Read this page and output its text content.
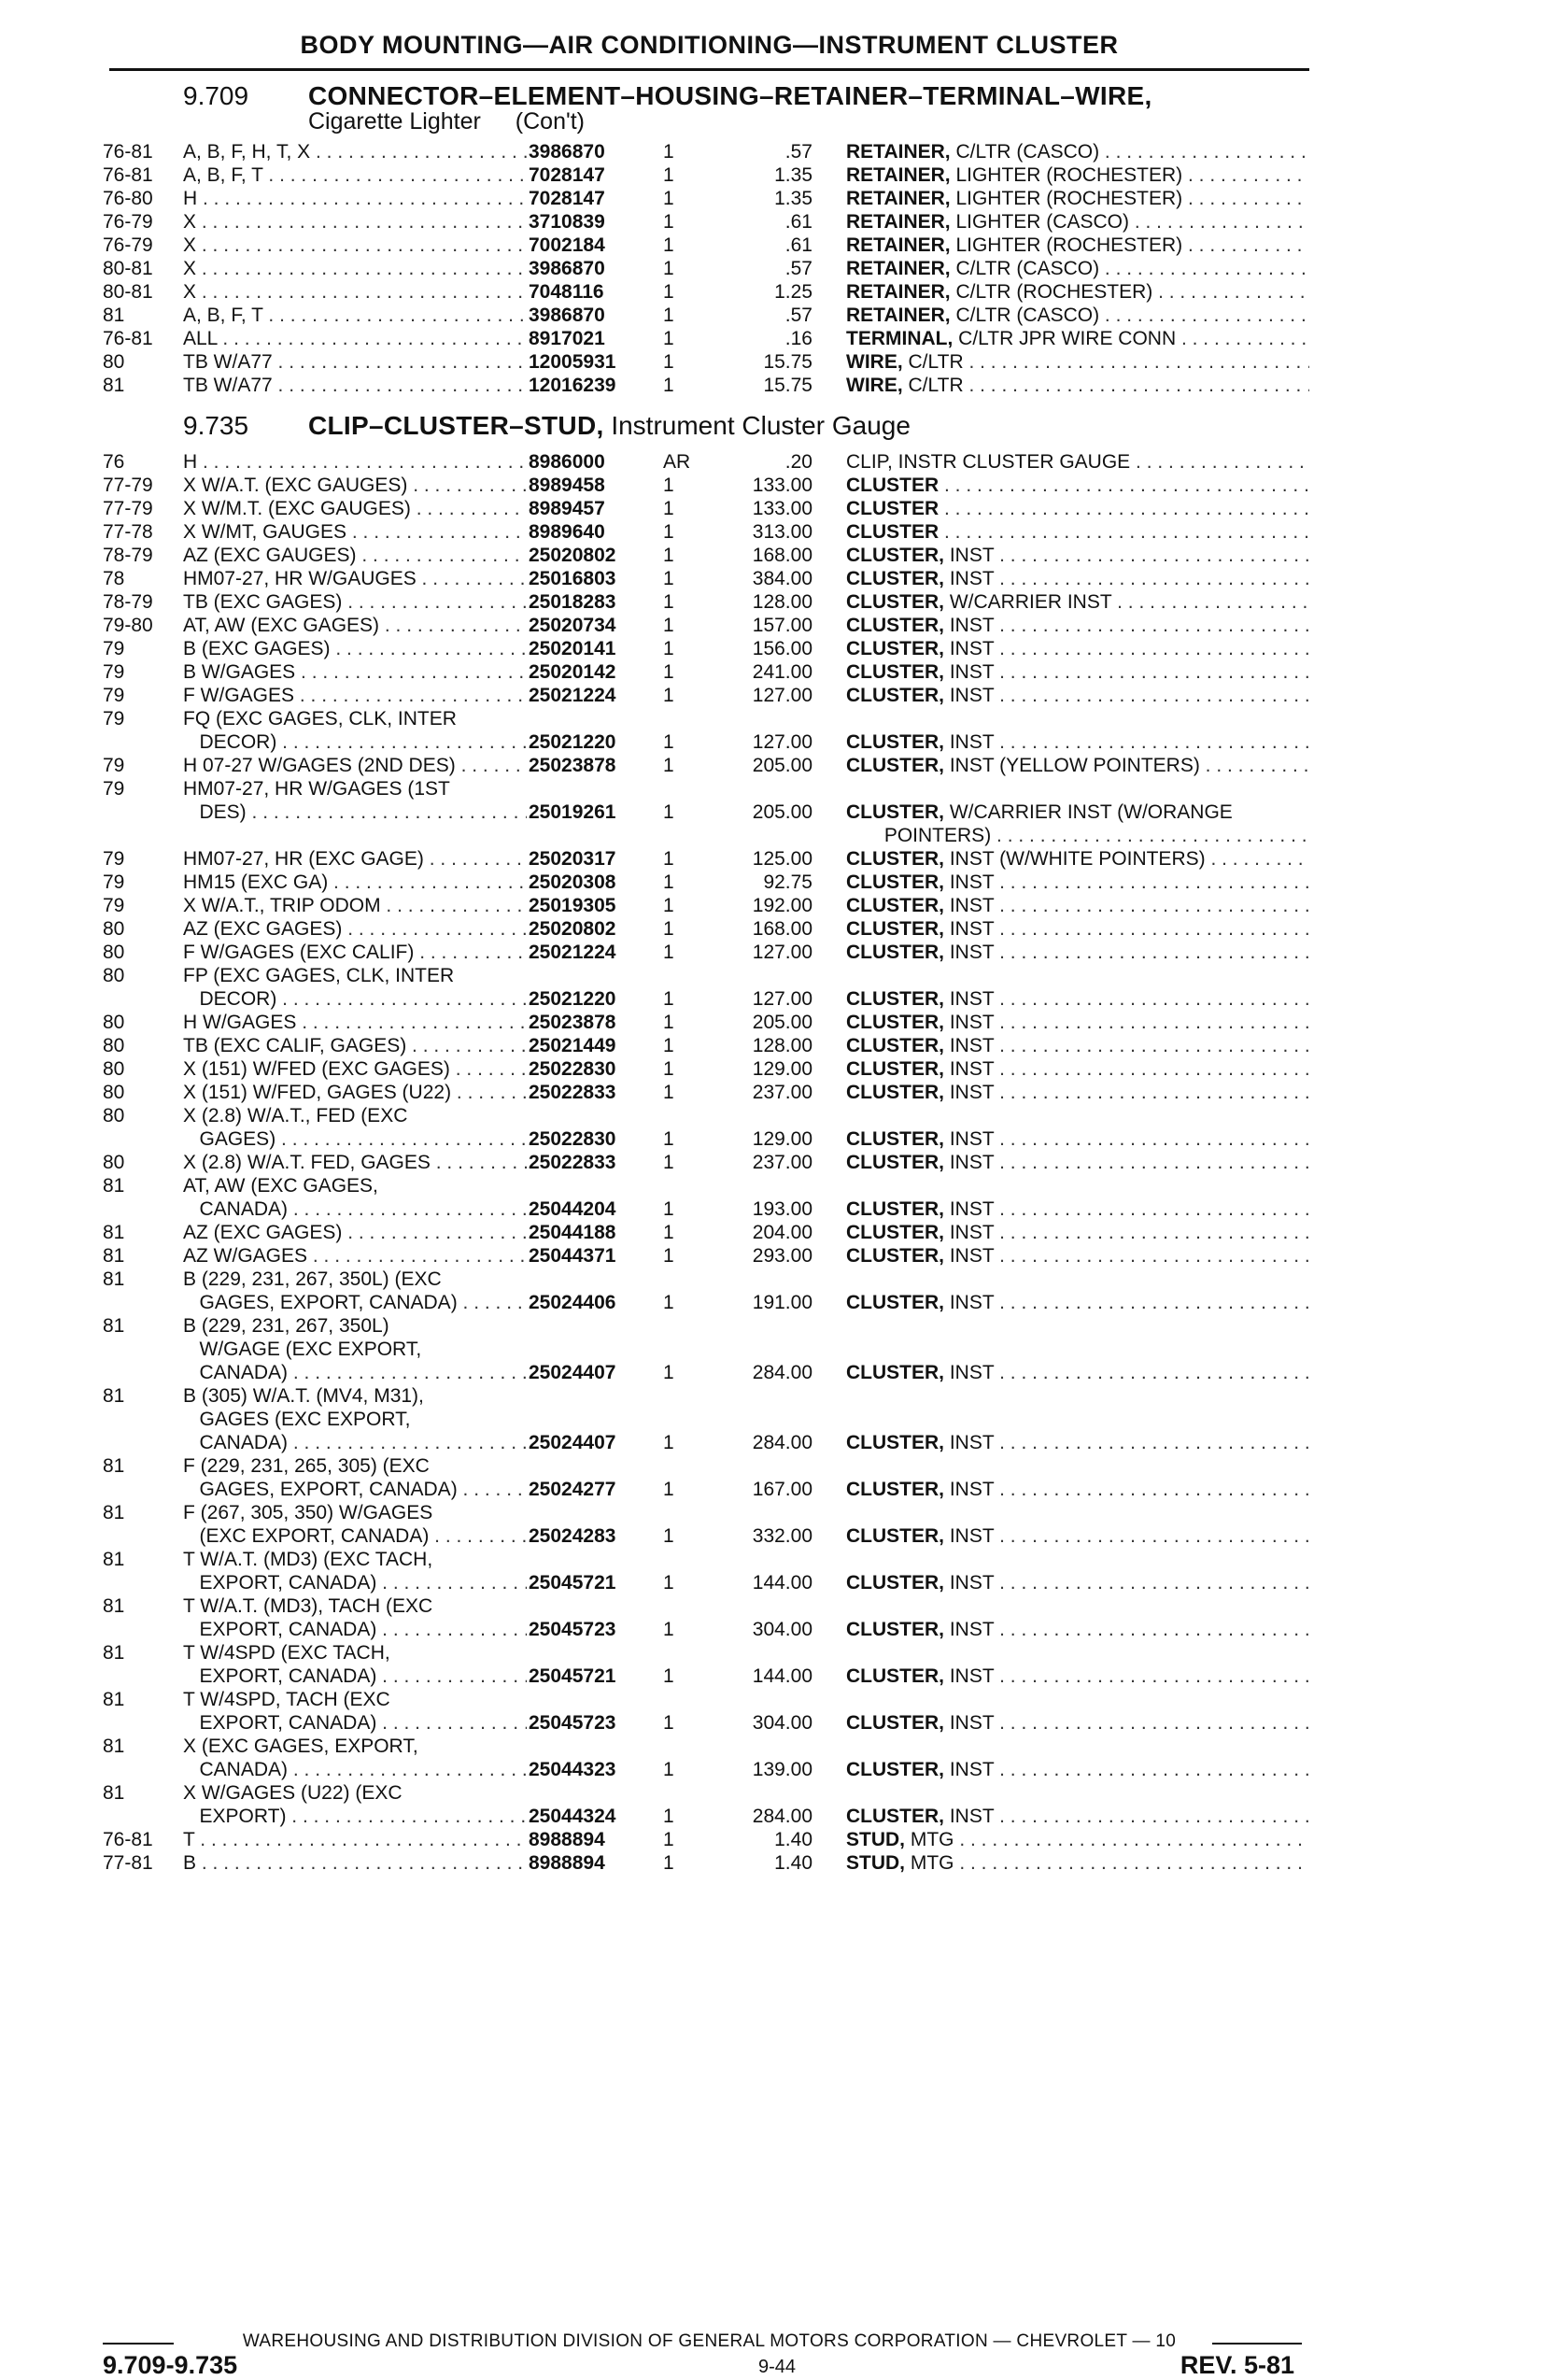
BODY MOUNTING—AIR CONDITIONING—INSTRUMENT CLUSTER
9.709 CONNECTOR–ELEMENT–HOUSING–RETAINER–TERMINAL–WIRE,
Cigarette Lighter (Con't)
9.735 CLIP–CLUSTER–STUD, Instrument Cluster Gauge
76-81	A, B, F, H, T, X . . .	3986870	1	.57 RETAINER, C/LTR (CASCO) . . .
76-81	A, B, F, T . . .	7028147	1	1.35 RETAINER, LIGHTER (ROCHESTER) . . .
76-80	H . . .	7028147	1	1.35 RETAINER, LIGHTER (ROCHESTER) . . .
76-79	X . . .	3710839	1	.61 RETAINER, LIGHTER (CASCO) . . .
76-79	X . . .	7002184	1	.61 RETAINER, LIGHTER (ROCHESTER) . . .
80-81	X . . .	3986870	1	.57 RETAINER, C/LTR (CASCO) . . .
80-81	X . . .	7048116	1	1.25 RETAINER, C/LTR (ROCHESTER) . . .
81	A, B, F, T . . .	3986870	1	.57 RETAINER, C/LTR (CASCO) . . .
76-81	ALL . . .	8917021	1	.16 TERMINAL, C/LTR JPR WIRE CONN . . .
80	TB W/A77 . . .	12005931	1	15.75 WIRE, C/LTR . . .
81	TB W/A77 . . .	12016239	1	15.75 WIRE, C/LTR . . .
76	H . . .	8986000	AR	.20 CLIP, INSTR CLUSTER GAUGE . . .
77-79	X W/A.T. (EXC GAUGES) . . .	8989458	1	133.00 CLUSTER . . .
77-79	X W/M.T. (EXC GAUGES) . . .	8989457	1	133.00 CLUSTER . . .
77-78	X W/MT, GAUGES . . .	8989640	1	313.00 CLUSTER . . .
78-79	AZ (EXC GAUGES) . . .	25020802	1	168.00 CLUSTER, INST . . .
78	HM07-27, HR W/GAUGES . . .	25016803	1	384.00 CLUSTER, INST . . .
78-79	TB (EXC GAGES) . . .	25018283	1	128.00 CLUSTER, W/CARRIER INST . . .
79-80	AT, AW (EXC GAGES) . . .	25020734	1	157.00 CLUSTER, INST . . .
79	B (EXC GAGES) . . .	25020141	1	156.00 CLUSTER, INST . . .
79	B W/GAGES . . .	25020142	1	241.00 CLUSTER, INST . . .
79	F W/GAGES . . .	25021224	1	127.00 CLUSTER, INST . . .
79	FQ (EXC GAGES, CLK, INTER
DECOR) . . .	25021220	1	127.00 CLUSTER, INST . . .
79	H 07-27 W/GAGES (2ND DES) . . .	25023878	1	205.00 CLUSTER, INST (YELLOW POINTERS) . . .
79	HM07-27, HR W/GAGES (1ST
DES) . . .	25019261	1	205.00 CLUSTER, W/CARRIER INST (W/ORANGE
POINTERS) . . .
79	HM07-27, HR (EXC GAGE) . . .	25020317	1	125.00 CLUSTER, INST (W/WHITE POINTERS) . . .
79	HM15 (EXC GA) . . .	25020308	1	92.75 CLUSTER, INST . . .
79	X W/A.T., TRIP ODOM . . .	25019305	1	192.00 CLUSTER, INST . . .
80	AZ (EXC GAGES) . . .	25020802	1	168.00 CLUSTER, INST . . .
80	F W/GAGES (EXC CALIF) . . .	25021224	1	127.00 CLUSTER, INST . . .
80	FP (EXC GAGES, CLK, INTER
DECOR) . . .	25021220	1	127.00 CLUSTER, INST . . .
80	H W/GAGES . . .	25023878	1	205.00 CLUSTER, INST . . .
80	TB (EXC CALIF, GAGES) . . .	25021449	1	128.00 CLUSTER, INST . . .
80	X (151) W/FED (EXC GAGES) . . .	25022830	1	129.00 CLUSTER, INST . . .
80	X (151) W/FED, GAGES (U22) . . .	25022833	1	237.00 CLUSTER, INST . . .
80	X (2.8) W/A.T., FED (EXC
GAGES) . . .	25022830	1	129.00 CLUSTER, INST . . .
80	X (2.8) W/A.T. FED, GAGES . . .	25022833	1	237.00 CLUSTER, INST . . .
81	AT, AW (EXC GAGES,
CANADA) . . .	25044204	1	193.00 CLUSTER, INST . . .
81	AZ (EXC GAGES) . . .	25044188	1	204.00 CLUSTER, INST . . .
81	AZ W/GAGES . . .	25044371	1	293.00 CLUSTER, INST . . .
81	B (229, 231, 267, 350L) (EXC
GAGES, EXPORT, CANADA) . . .	25024406	1	191.00 CLUSTER, INST . . .
81	B (229, 231, 267, 350L)
W/GAGE (EXC EXPORT,
CANADA) . . .	25024407	1	284.00 CLUSTER, INST . . .
81	B (305) W/A.T. (MV4, M31),
GAGES (EXC EXPORT,
CANADA) . . .	25024407	1	284.00 CLUSTER, INST . . .
81	F (229, 231, 265, 305) (EXC
GAGES, EXPORT, CANADA) . . .	25024277	1	167.00 CLUSTER, INST . . .
81	F (267, 305, 350) W/GAGES
(EXC EXPORT, CANADA) . . .	25024283	1	332.00 CLUSTER, INST . . .
81	T W/A.T. (MD3) (EXC TACH,
EXPORT, CANADA) . . .	25045721	1	144.00 CLUSTER, INST . . .
81	T W/A.T. (MD3), TACH (EXC
EXPORT, CANADA) . . .	25045723	1	304.00 CLUSTER, INST . . .
81	T W/4SPD (EXC TACH,
EXPORT, CANADA) . . .	25045721	1	144.00 CLUSTER, INST . . .
81	T W/4SPD, TACH (EXC
EXPORT, CANADA) . . .	25045723	1	304.00 CLUSTER, INST . . .
81	X (EXC GAGES, EXPORT,
CANADA) . . .	25044323	1	139.00 CLUSTER, INST . . .
81	X W/GAGES (U22) (EXC
EXPORT) . . .	25044324	1	284.00 CLUSTER, INST . . .
76-81	T . . .	8988894	1	1.40 STUD, MTG . . .
77-81	B . . .	8988894	1	1.40 STUD, MTG . . .
WAREHOUSING AND DISTRIBUTION DIVISION OF GENERAL MOTORS CORPORATION — CHEVROLET — 10
9.709-9.735	9-44	REV. 5-81
